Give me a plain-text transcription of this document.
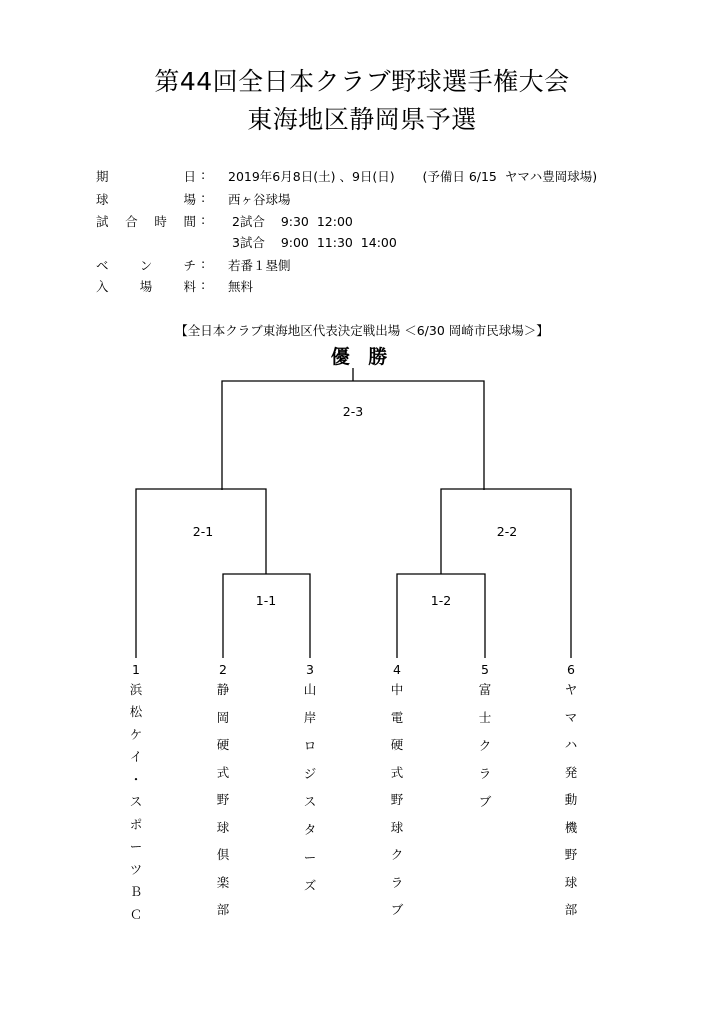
第44回全日本クラブ野球選手権大会
東海地区静岡県予選
期	日 : 2019年6月8日(土) 、9日(日)       (予備日 6/15  ヤマハ豊岡球場)
球	場 : 西ヶ谷球場
試 合 時 間 : 2試合    9:30  12:00
3試合    9:00  11:30  14:00
ベ ン チ : 若番１塁側
入 場 料 : 無料
【全日本クラブ東海地区代表決定戦出場 ＜6/30 岡崎市民球場＞】
優 勝
2-3
2-1	2-2
1-1	1-2
1
浜
松
ケ
イ
・
ス
ポ
ー
ツ
Ｂ
Ｃ
2
静
岡
硬
式
野
球
倶
楽
部
3
山
岸
ロ
ジ
ス
タ
ー
ズ
4
中
電
硬
式
野
球
ク
ラ
ブ
5
富
士
ク
ラ
ブ
6
ヤ
マ
ハ
発
動
機
野
球
部
